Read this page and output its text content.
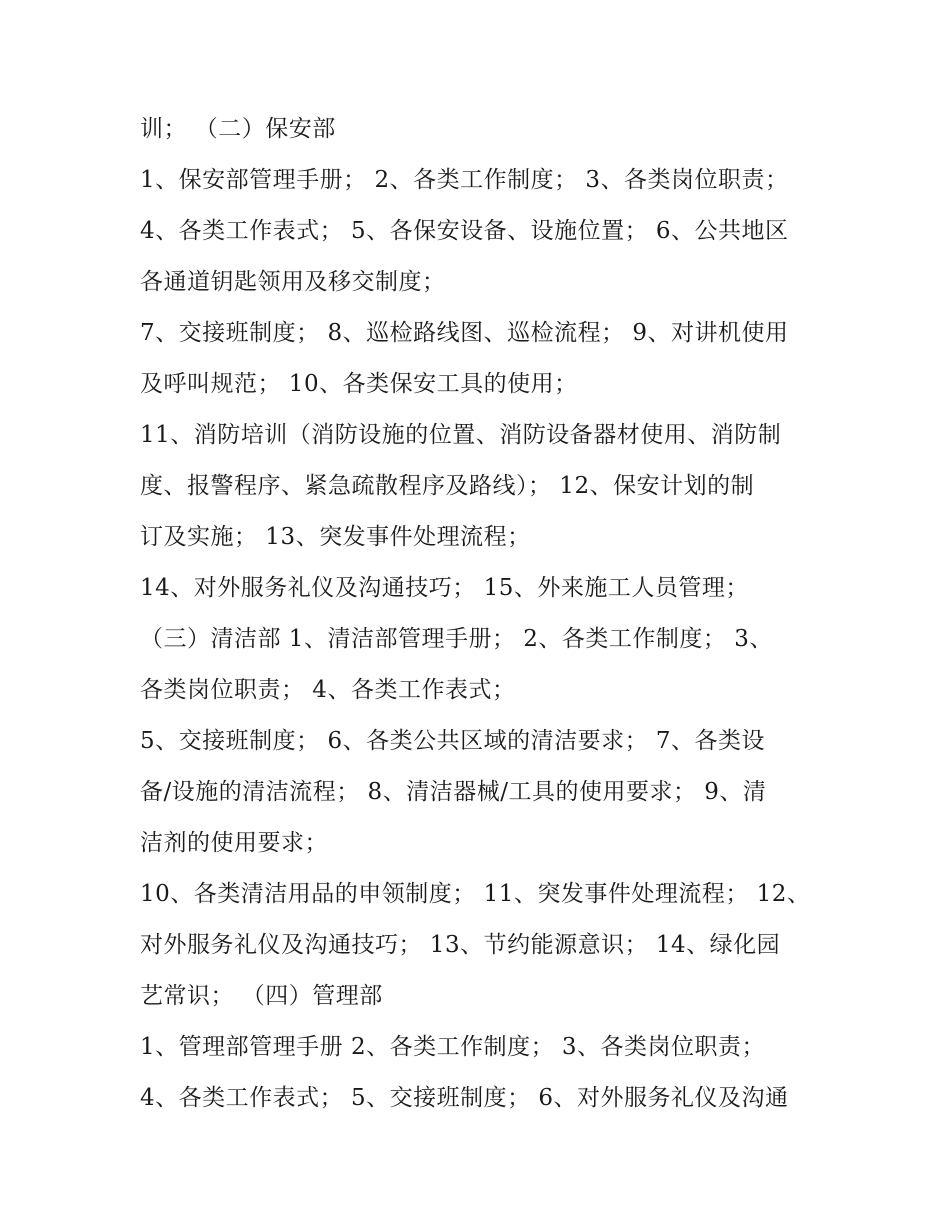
训； （二）保安部
1、保安部管理手册； 2、各类工作制度； 3、各类岗位职责；
4、各类工作表式； 5、各保安设备、设施位置； 6、公共地区
各通道钥匙领用及移交制度；
7、交接班制度； 8、巡检路线图、巡检流程； 9、对讲机使用
及呼叫规范； 10、各类保安工具的使用；
11、消防培训（消防设施的位置、消防设备器材使用、消防制
度、报警程序、紧急疏散程序及路线）； 12、保安计划的制
订及实施； 13、突发事件处理流程；
14、对外服务礼仪及沟通技巧； 15、外来施工人员管理；
（三）清洁部 1、清洁部管理手册； 2、各类工作制度； 3、
各类岗位职责； 4、各类工作表式；
5、交接班制度； 6、各类公共区域的清洁要求； 7、各类设
备/设施的清洁流程； 8、清洁器械/工具的使用要求； 9、清
洁剂的使用要求；
10、各类清洁用品的申领制度； 11、突发事件处理流程； 12、
对外服务礼仪及沟通技巧； 13、节约能源意识； 14、绿化园
艺常识； （四）管理部
1、管理部管理手册 2、各类工作制度； 3、各类岗位职责；
4、各类工作表式； 5、交接班制度； 6、对外服务礼仪及沟通
